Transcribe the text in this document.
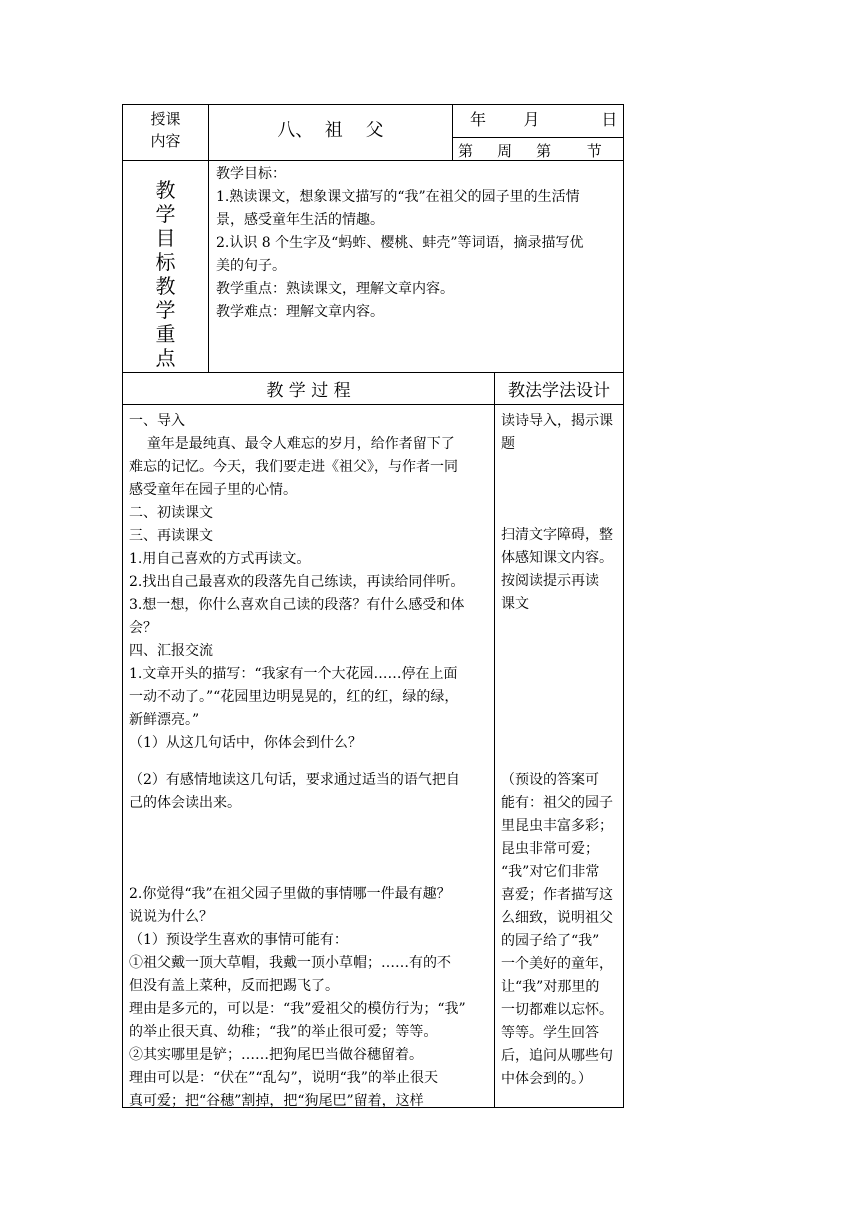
授课
内容	八、  祖    父
年      月          日
第    周    第      节
教
学
目
标
教
学
重
点
教学目标：
1.熟读课文，想象课文描写的“我”在祖父的园子里的生活情
景，感受童年生活的情趣。
2.认识 8 个生字及“蚂蚱、樱桃、蚌壳”等词语，摘录描写优
美的句子。
教学重点：熟读课文，理解文章内容。
教学难点：理解文章内容。
教 学 过 程	教法学法设计
一、导入
童年是最纯真、最令人难忘的岁月，给作者留下了
难忘的记忆。今天，我们要走进《祖父》，与作者一同
感受童年在园子里的心情。
二、初读课文
三、再读课文
1.用自己喜欢的方式再读文。
2.找出自己最喜欢的段落先自己练读，再读给同伴听。
3.想一想，你什么喜欢自己读的段落？有什么感受和体
会？
四、汇报交流
1.文章开头的描写：“我家有一个大花园……停在上面
一动不动了。”“花园里边明晃晃的，红的红，绿的绿，
新鲜漂亮。”
（1）从这几句话中，你体会到什么？
（2）有感情地读这几句话，要求通过适当的语气把自
己的体会读出来。
2.你觉得“我”在祖父园子里做的事情哪一件最有趣？
说说为什么？
（1）预设学生喜欢的事情可能有：
①祖父戴一顶大草帽，我戴一顶小草帽；……有的不
但没有盖上菜种，反而把踢飞了。
理由是多元的，可以是：“我”爱祖父的模仿行为；“我”
的举止很天真、幼稚；“我”的举止很可爱；等等。
②其实哪里是铲；……把狗尾巴当做谷穗留着。
理由可以是：“伏在”“乱勾”，说明“我”的举止很天
真可爱；把“谷穗”割掉，把“狗尾巴”留着，这样
读诗导入，揭示课
题
扫清文字障碍，整
体感知课文内容。
按阅读提示再读
课文
（预设的答案可
能有：祖父的园子
里昆虫丰富多彩；
昆虫非常可爱；
“我”对它们非常
喜爱；作者描写这
么细致，说明祖父
的园子给了“我”
一个美好的童年，
让“我”对那里的
一切都难以忘怀。
等等。学生回答
后，追问从哪些句
中体会到的。）
